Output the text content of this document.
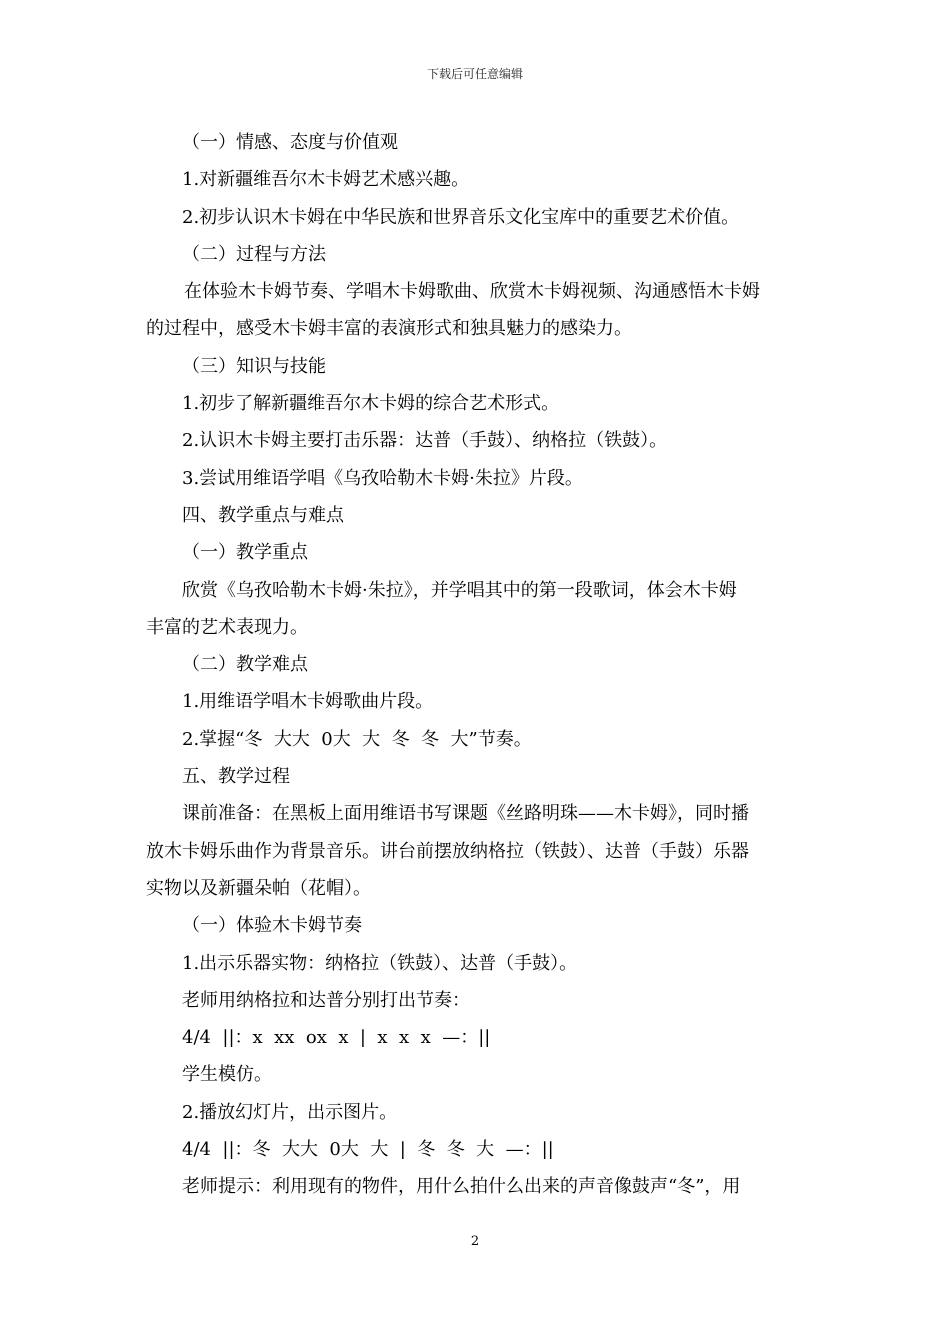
下载后可任意编辑
（一）情感、态度与价值观
1.对新疆维吾尔木卡姆艺术感兴趣。
2.初步认识木卡姆在中华民族和世界音乐文化宝库中的重要艺术价值。
（二）过程与方法
在体验木卡姆节奏、学唱木卡姆歌曲、欣赏木卡姆视频、沟通感悟木卡姆
的过程中，感受木卡姆丰富的表演形式和独具魅力的感染力。
（三）知识与技能
1.初步了解新疆维吾尔木卡姆的综合艺术形式。
2.认识木卡姆主要打击乐器：达普（手鼓）、纳格拉（铁鼓）。
3.尝试用维语学唱《乌孜哈勒木卡姆·朱拉》片段。
四、教学重点与难点
（一）教学重点
欣赏《乌孜哈勒木卡姆·朱拉》，并学唱其中的第一段歌词，体会木卡姆
丰富的艺术表现力。
（二）教学难点
1.用维语学唱木卡姆歌曲片段。
2.掌握“冬  大大  0大  大  冬  冬  大”节奏。
五、教学过程
课前准备：在黑板上面用维语书写课题《丝路明珠——木卡姆》，同时播
放木卡姆乐曲作为背景音乐。讲台前摆放纳格拉（铁鼓）、达普（手鼓）乐器
实物以及新疆朵帕（花帽）。
（一）体验木卡姆节奏
1.出示乐器实物：纳格拉（铁鼓）、达普（手鼓）。
老师用纳格拉和达普分别打出节奏：
4/4  ||：x  xx  ox  x  |  x  x  x  —：||
学生模仿。
2.播放幻灯片，出示图片。
4/4  ||：冬  大大  0大  大  |  冬  冬  大  —：||
老师提示：利用现有的物件，用什么拍什么出来的声音像鼓声“冬”，用
2
